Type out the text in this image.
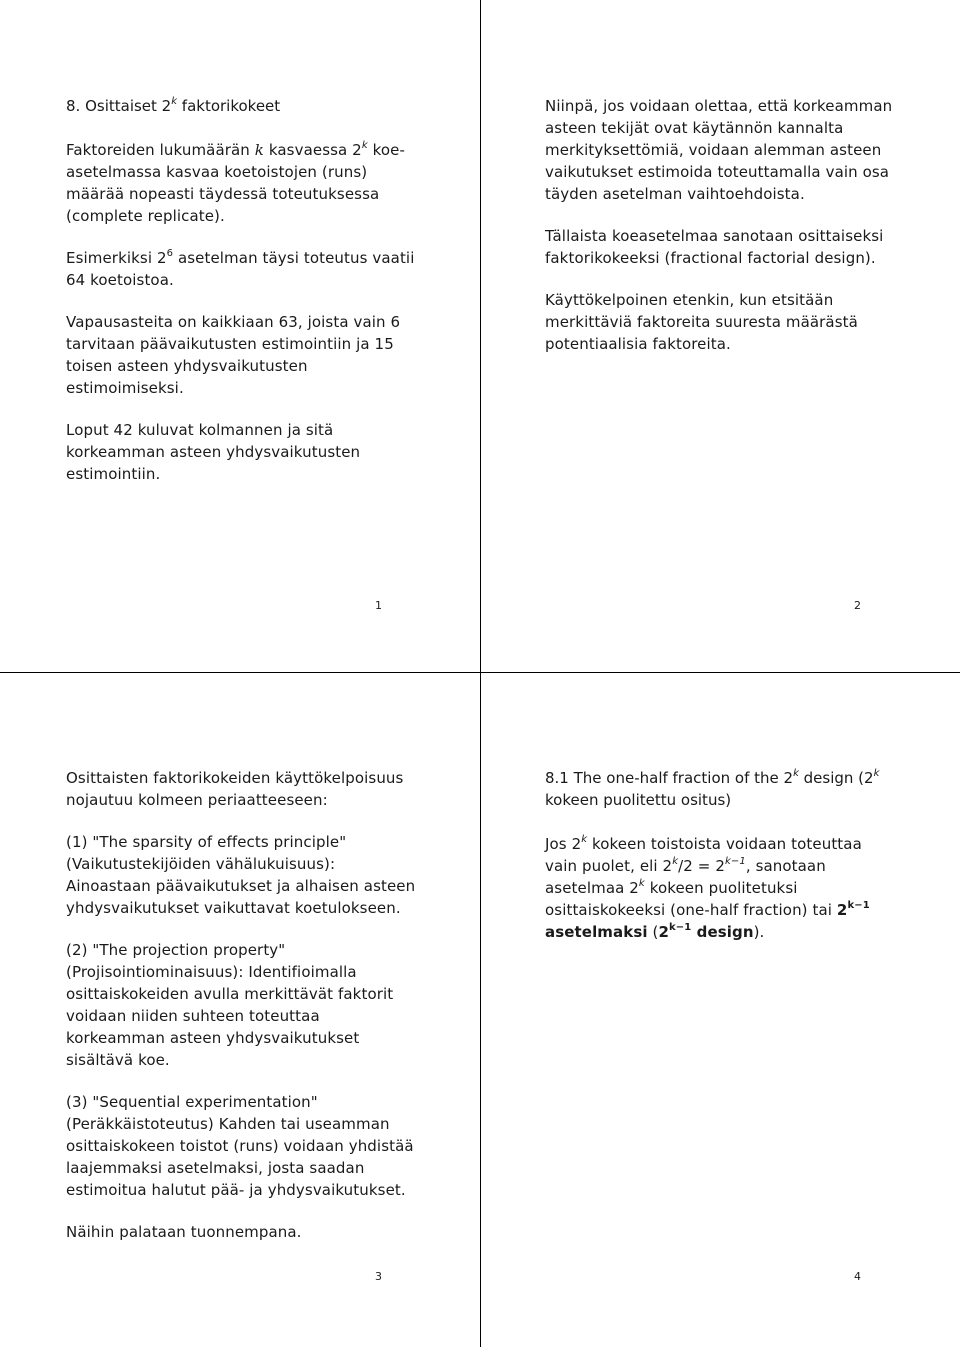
8. Osittaiset 2$^k$ faktorikokeet

Faktoreiden lukumäärän k kasvaessa 2$^k$ koe-asetelmassa kasvaa koetoistojen (runs) määrää nopeasti täydessä toteutuksessa (complete replicate).

Esimerkiksi $2^6$ asetelman täysi toteutus vaatii 64 koetoistoa.

Vapausasteita on kaikkiaan 63, joista vain 6 tarvitaan päävaikutusten estimointiin ja 15 toisen asteen yhdysvaikutusten estimoimiseksi.

Loput 42 kuluvat kolmannen ja sitä korkeamman asteen yhdysvaikutusten estimointiin.

1

Niinpä, jos voidaan olettaa, että korkeamman asteen tekijät ovat käytännön kannalta merkityksettömiä, voidaan alemman asteen vaikutukset estimoida toteuttamalla vain osa täyden asetelman vaihtoehdoista.

Tällaista koeasetelmaa sanotaan osittaiseksi faktorikokeeksi (fractional factorial design).

Käyttökelpoinen etenkin, kun etsitään merkittäviä faktoreita suuresta määrästä potentiaalisia faktoreita.

2

Osittaisten faktorikokeiden käyttökelpoisuus nojautuu kolmeen periaatteeseen:

(1) "The sparsity of effects principle" (Vaikutustekijöiden vähälukuisuus): Ainoastaan päävaikutukset ja alhaisen asteen yhdysvaikutukset vaikuttavat koetulokseen.

(2) "The projection property" (Projisointiominaisuus): Identifioimalla osittaiskokeiden avulla merkittävät faktorit voidaan niiden suhteen toteuttaa korkeamman asteen yhdysvaikutukset sisältävä koe.

(3) "Sequential experimentation" (Peräkkäistoteutus) Kahden tai useamman osittaiskokeen toistot (runs) voidaan yhdistää laajemmaksi asetelmaksi, josta saadan estimoitua halutut pää- ja yhdysvaikutukset.

Näihin palataan tuonnempana.

3
8.1 The one-half fraction of the 2$^k$ design (2$^k$ kokeen puolitettu ositus)

Jos 2$^k$ kokeen toistoista voidaan toteuttaa vain puolet, eli $2^k/2 = 2^{k-1}$, sanotaan asetelmaa 2$^k$ kokeen puolitetuksi osittaiskokeeksi (one-half fraction) tai $2^{k-1}$ asetelmaksi ($2^{k-1}$ design).

4
